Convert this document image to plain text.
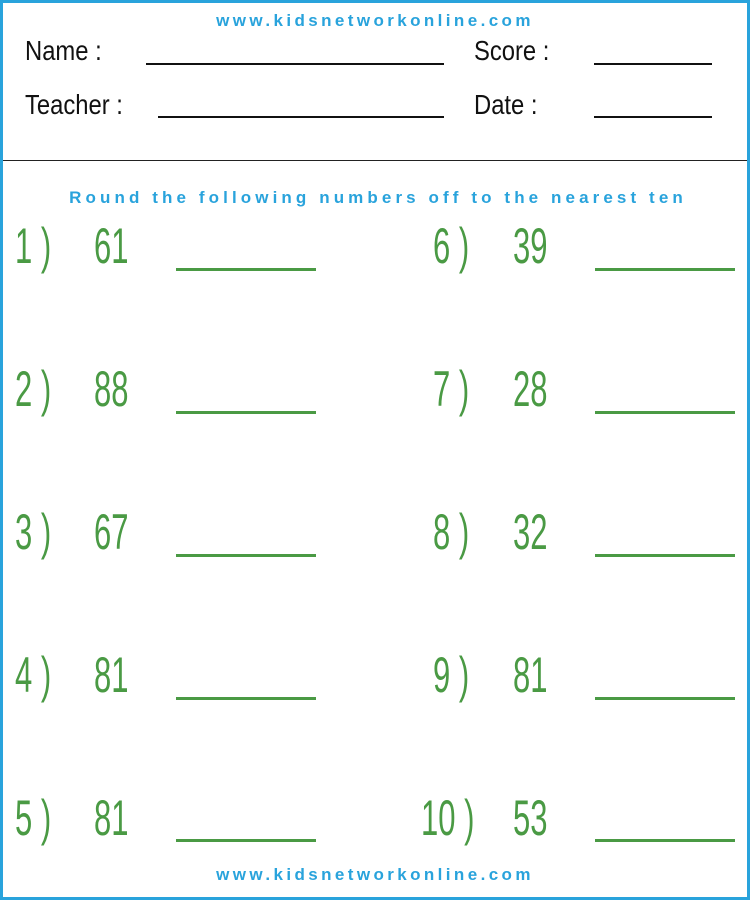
www.kidsnetworkonline.com
Name :	Score :
Teacher :	Date :
Round the following numbers off to the nearest ten
1 ) 61
2 ) 88
3 ) 67
4 ) 81
5 ) 81
6 ) 39
7 ) 28
8 ) 32
9 ) 81
10 ) 53
www.kidsnetworkonline.com
